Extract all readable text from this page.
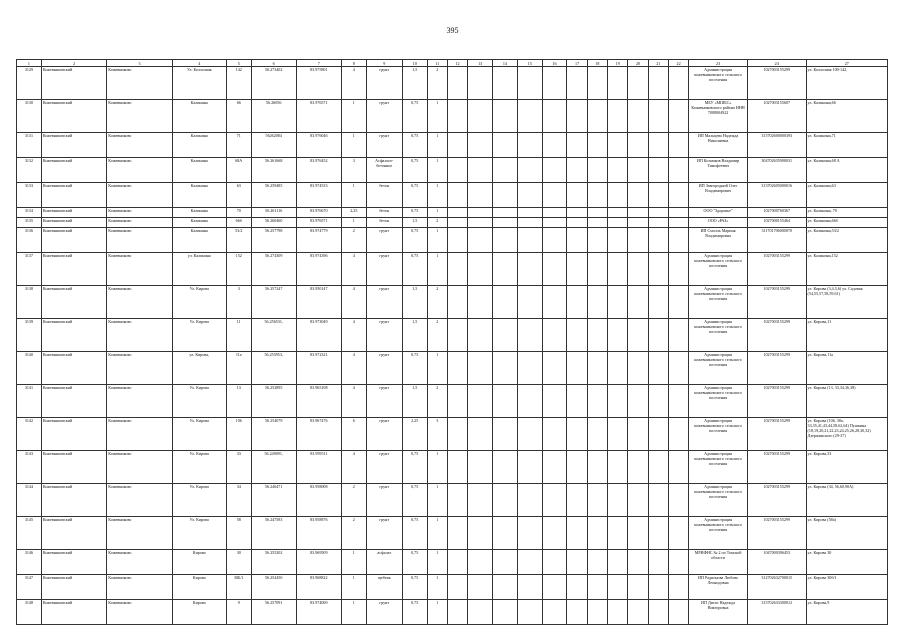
395
1	2	3	4	5	6	7	8	9	10	11	12	13	14	15	16	17	18	19	20	21	22	23	24	27
3129	Кожевниковский	Кожевниково	Ул. Колхозная	142	56.273402	83.975801	4	грунт	1,5	2												Администрация кожевниковского сельского поселения	1027003155299	ул. Колхозная 100-142,
3130	Кожевниковский	Кожевниково	Калинина	66	56.26056	83.976571	1	грунт	0,75	1												МБУ «МШБС» Кожевниковского района ИНН 7008004922	1027003155607	ул. Калинина,66
3131	Кожевниковский	Кожевниково	Калинина	71	56262084	83.976046	1	грунт	0,75	1												ИП Мальцева Надежда Николаевна	315702600000393	ул. Калинина,71
3132	Кожевниковский	Кожевниково	Калинина	68А	56.261668	83.976452	3	Асфальто-бетонное	0,75	1												ИП Колмаков Владимир Тимофеевич	304702635900031	ул. Калинина,68 А
3133	Кожевниковский	Кожевниково	Калинина	63	56.259485	83.974533	1	бетон	0,75	1												ИП Завгородний Олег Владимирович	313702605000016	ул. Калинина,63
3134	Кожевниковский	Кожевниково	Калинина	70	56.261116	83.976670	2,25	бетон	0,75	1												ООО "Здоровье"	1027000760367	ул. Калинина, 70
3135	Кожевниковский	Кожевниково	Калинина	66б	56.260460	83.976571	1	бетон	1,5	2												ООО «РАЗ»	1027000155464	ул. Калинина,66б
3136	Кожевниковский	Кожевниково	Калинина	53/2	56.257798	83.974779	2	грунт	0,75	1												ИП Смолль Мариня Владимировна	311701706000070	ул. Калинина,53/2
3137	Кожевниковский	Кожевниково	ул. Калинина	152	56.274309	83.974396	4	грунт	0,75	1												Администрация кожевниковского сельского поселения	1027003155299	ул. Калинина,152
3138	Кожевниковский	Кожевниково	Ул. Кирова	3	56.257247	83.950147	4	грунт	1,5	2												Администрация кожевниковского сельского поселения	1027003155299	ул. Кирова (3,4,5,6) ул. Садовая (54,55,57,58,59,61)
3139	Кожевниковский	Кожевниково	Ул. Кирова	11	56.256531,	83.973049	4	грунт	1,5	2												Администрация кожевниковского сельского поселения	1027003155299	ул. Кирова,11
3140	Кожевниковский	Кожевниково	ул. Кирова,	11а	56.255953,	83.972321	4	грунт	0,75	1												Администрация кожевниковского сельского поселения	1027003155299	ул. Кирова,11а
3141	Кожевниковский	Кожевниково	Ул. Кирова	13	56.252895	83.965108	4	грунт	1,5	2												Администрация кожевниковского сельского поселения	1027003155299	ул. Кирова (13, 33,34,36,38)
3142	Кожевниковский	Кожевниково	Ул. Кирова	106	56.254079	83.967476	6	грунт	2,25	3												Администрация кожевниковского сельского поселения	1027003155299	ул. Кирова (106, 38а, 33,35,41,43,44,58,62,64) Пушкина (18,19,20,21,22,23,24,25,26,28,30,32) Дзержинского (29-37)
3143	Кожевниковский	Кожевниково	Ул. Кирова	33	56.249091,	83.959511	4	грунт	0,75	1												Администрация кожевниковского сельского поселения	1027003155299	ул. Кирова,33
3144	Кожевниковский	Кожевниково	Ул. Кирова	34	56.246471	83.958008	2	грунт	0,75	1												Администрация кожевниковского сельского поселения	1027003155299	ул. Кирова (34, 56,60,90А)
3145	Кожевниковский	Кожевниково	Ул. Кирова	58	56.247583	83.958876	2	грунт	0,75	1												Администрация кожевниковского сельского поселения	1027003155299	ул. Кирова (58а)
3146	Кожевниковский	Кожевниково	Кирова	30	56.255202	83.969509	1	асфальт	0,75	1												МРИФНС № 2 по Томской области	1047000396453	ул. Кирова 30
3147	Кожевниковский	Кожевниково	Кирова	30Б/1	56.254450	83.968822	1	щебень	0,75	1												ИП Радионова Любовь Леонидовна	312702632700015	ул. Кирова 30б/1
3148	Кожевниковский	Кожевниково	Кирова	9	56.257091	83.974069	1	грунт	0,75	1												ИП Дигис Надежда Викторовна	315702633300012	ул. Кирова,9
